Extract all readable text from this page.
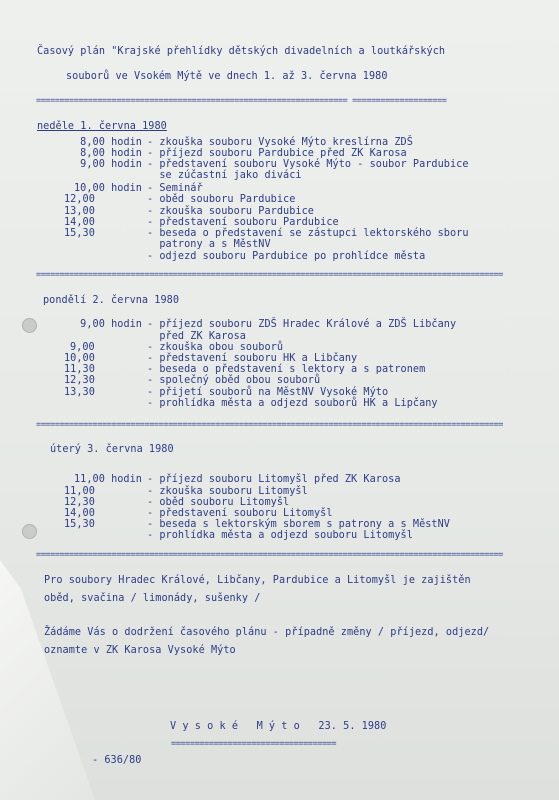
Časový plán "Krajské přehlídky dětských divadelních a loutkářských
souborů ve Vsokém Mýtě ve dnech 1. až 3. června 1980
================================================================== ====================
neděle 1. června 1980
8,00 hodin - zkouška souboru Vysoké Mýto kreslírna ZDŠ
8,00 hodin - příjezd souboru Pardubice před ZK Karosa
9,00 hodin - představení souboru Vysoké Mýto - soubor Pardubice
se zúčastní jako diváci
10,00 hodin - Seminář
12,00	- oběd souboru Pardubice
13,00	- zkouška souboru Pardubice
14,00	- představení souboru Pardubice
15,30	- beseda o představení se zástupci lektorského sboru
patrony a s MěstNV
- odjezd souboru Pardubice po prohlídce města
===================================================================================================
pondělí 2. června 1980
9,00 hodin - příjezd souboru ZDŠ Hradec Králové a ZDŠ Libčany
před ZK Karosa
9,00	- zkouška obou souborů
10,00	- představení souboru HK a Libčany
11,30	- beseda o představení s lektory a s patronem
12,30	- společný oběd obou souborů
13,30	- přijetí souborů na MěstNV Vysoké Mýto
- prohlídka města a odjezd souborů HK a Lipčany
===================================================================================================
úterý 3. června 1980
11,00 hodin - příjezd souboru Litomyšl před ZK Karosa
11,00	- zkouška souboru Litomyšl
12,30	- oběd souboru Litomyšl
14,00	- představení souboru Litomyšl
15,30	- beseda s lektorským sborem s patrony a s MěstNV
- prohlídka města a odjezd souboru Litomyšl
===================================================================================================
Pro soubory Hradec Králové, Libčany, Pardubice a Litomyšl je zajištěn
oběd, svačina / limonády, sušenky /
Žádáme Vás o dodržení časového plánu - případně změny / příjezd, odjezd/
oznamte v ZK Karosa Vysoké Mýto
V y s o k é   M ý t o   23. 5. 1980
===================================
- 636/80
